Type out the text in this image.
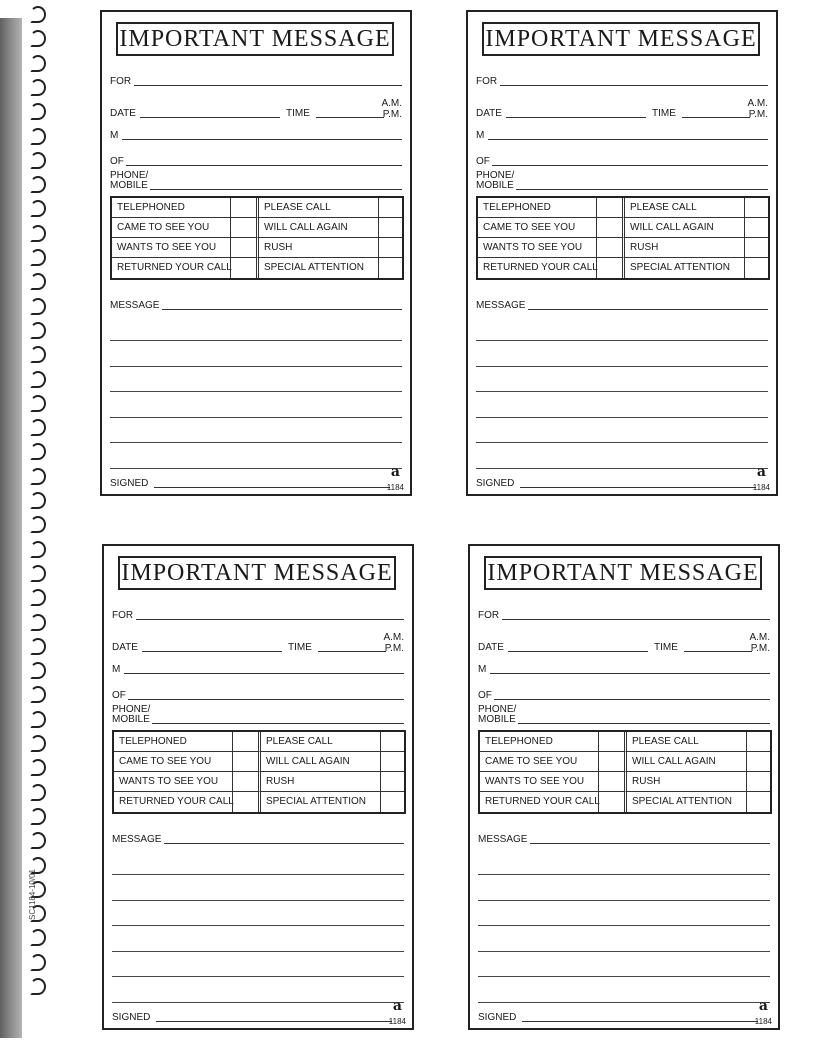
SC1184-10/01
IMPORTANT MESSAGE
FOR
DATE	TIME
A.M.
P.M.
M
OF
PHONE/
MOBILE
TELEPHONED	PLEASE CALL
CAME TO SEE YOU	WILL CALL AGAIN
WANTS TO SEE YOU	RUSH
RETURNED YOUR CALL	SPECIAL ATTENTION
MESSAGE
SIGNED
a
1184
IMPORTANT MESSAGE
FOR
DATE	TIME
A.M.
P.M.
M
OF
PHONE/
MOBILE
TELEPHONED	PLEASE CALL
CAME TO SEE YOU	WILL CALL AGAIN
WANTS TO SEE YOU	RUSH
RETURNED YOUR CALL	SPECIAL ATTENTION
MESSAGE
SIGNED
a
1184
IMPORTANT MESSAGE
FOR
DATE	TIME
A.M.
P.M.
M
OF
PHONE/
MOBILE
TELEPHONED	PLEASE CALL
CAME TO SEE YOU	WILL CALL AGAIN
WANTS TO SEE YOU	RUSH
RETURNED YOUR CALL	SPECIAL ATTENTION
MESSAGE
SIGNED
a
1184
IMPORTANT MESSAGE
FOR
DATE	TIME
A.M.
P.M.
M
OF
PHONE/
MOBILE
TELEPHONED	PLEASE CALL
CAME TO SEE YOU	WILL CALL AGAIN
WANTS TO SEE YOU	RUSH
RETURNED YOUR CALL	SPECIAL ATTENTION
MESSAGE
SIGNED
a
1184
